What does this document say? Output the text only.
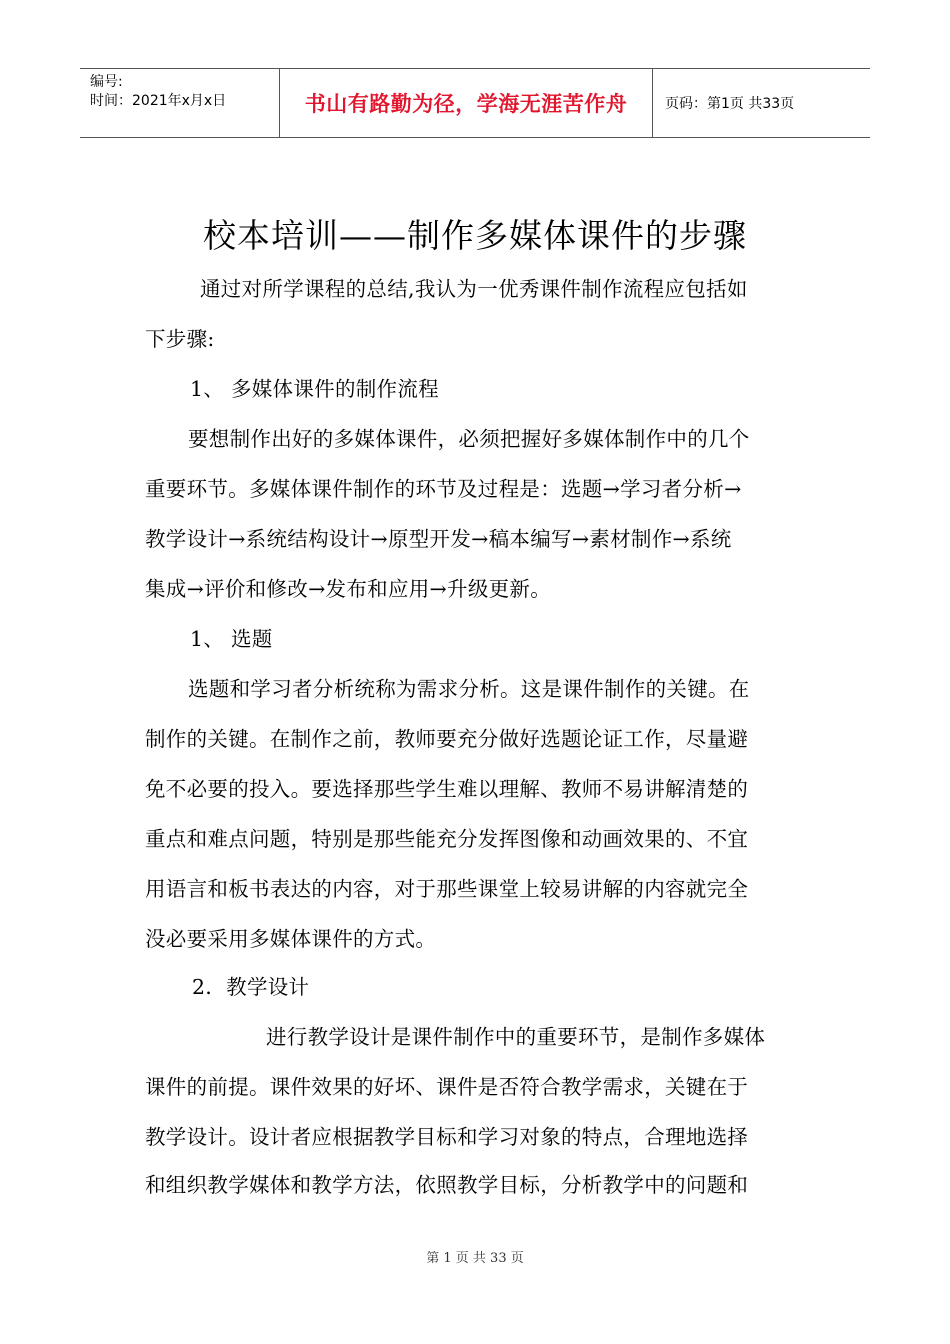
编号:
时间：2021年x月x日	书山有路勤为径，学海无涯苦作舟	页码：第1页 共33页
校本培训——制作多媒体课件的步骤
通过对所学课程的总结,我认为一优秀课件制作流程应包括如
下步骤:
1、 多媒体课件的制作流程
要想制作出好的多媒体课件，必须把握好多媒体制作中的几个
重要环节。多媒体课件制作的环节及过程是：选题→学习者分析→
教学设计→系统结构设计→原型开发→稿本编写→素材制作→系统
集成→评价和修改→发布和应用→升级更新。
1、 选题
选题和学习者分析统称为需求分析。这是课件制作的关键。在
制作的关键。在制作之前，教师要充分做好选题论证工作，尽量避
免不必要的投入。要选择那些学生难以理解、教师不易讲解清楚的
重点和难点问题，特别是那些能充分发挥图像和动画效果的、不宜
用语言和板书表达的内容，对于那些课堂上较易讲解的内容就完全
没必要采用多媒体课件的方式。
2．教学设计
进行教学设计是课件制作中的重要环节，是制作多媒体
课件的前提。课件效果的好坏、课件是否符合教学需求，关键在于
教学设计。设计者应根据教学目标和学习对象的特点，合理地选择
和组织教学媒体和教学方法，依照教学目标，分析教学中的问题和
第 1 页 共 33 页
